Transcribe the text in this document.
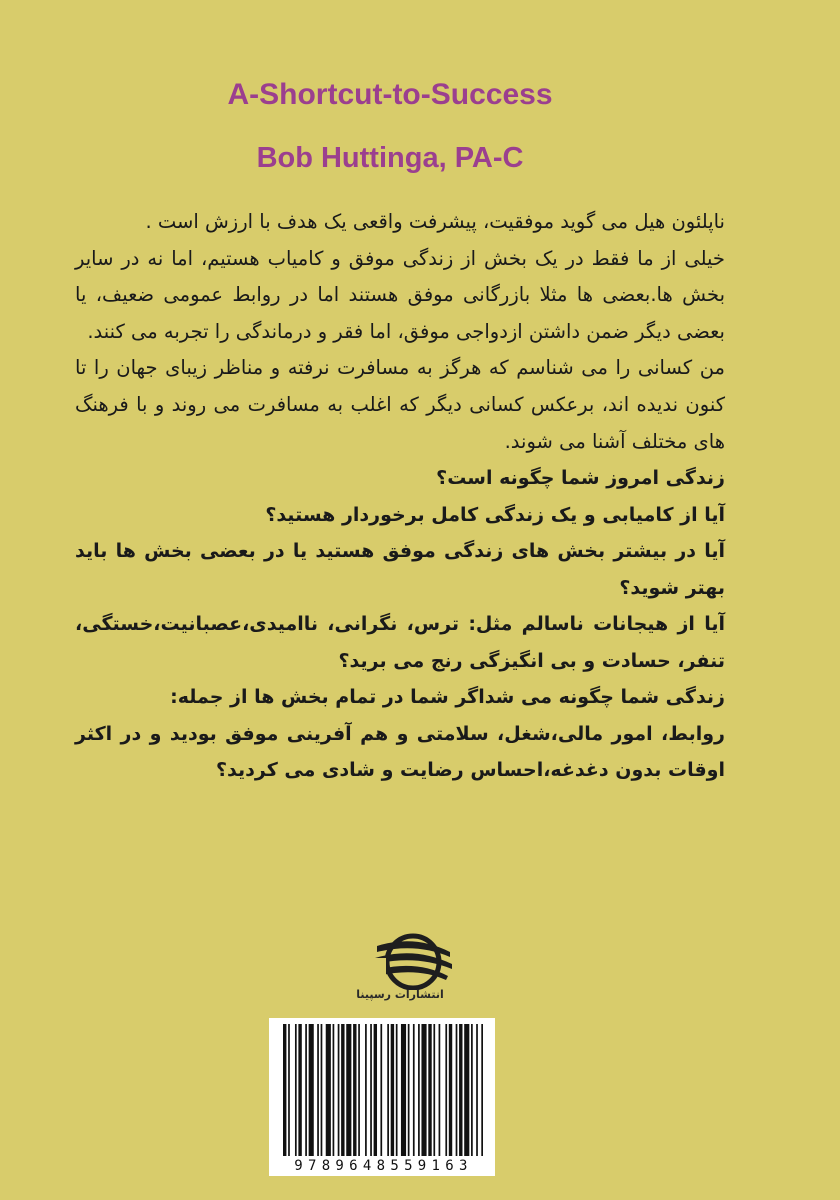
A-Shortcut-to-Success
Bob Huttinga, PA-C

ناپلئون هیل می گوید موفقیت، پیشرفت واقعی یک هدف با ارزش است .

خیلی از ما فقط در یک بخش از زندگی موفق و کامیاب هستیم، اما نه در سایر بخش ها.بعضی ها مثلا بازرگانی موفق هستند اما در روابط عمومی ضعیف، یا بعضی دیگر ضمن داشتن ازدواجی موفق، اما فقر و درماندگی را تجربه می کنند.

من کسانی را می شناسم که هرگز به مسافرت نرفته و مناظر زیبای جهان را تا کنون ندیده اند، برعکس کسانی دیگر که اغلب به مسافرت می روند و با فرهنگ های مختلف آشنا می شوند.

زندگی امروز شما چگونه است؟

آیا از کامیابی و یک زندگی کامل برخوردار هستید؟

آیا در بیشتر بخش های زندگی موفق هستید یا در بعضی بخش ها باید بهتر شوید؟

آیا از هیجانات ناسالم مثل: ترس، نگرانی، ناامیدی،عصبانیت،خستگی، تنفر، حسادت و بی انگیزگی رنج می برید؟

زندگی شما چگونه می شداگر شما در تمام بخش ها از جمله:

روابط، امور مالی،شغل، سلامتی و هم آفرینی موفق بودید و در اکثر اوقات بدون دغدغه،احساس رضایت و شادی می کردید؟

انتشارات رسپینا
9789648559163
